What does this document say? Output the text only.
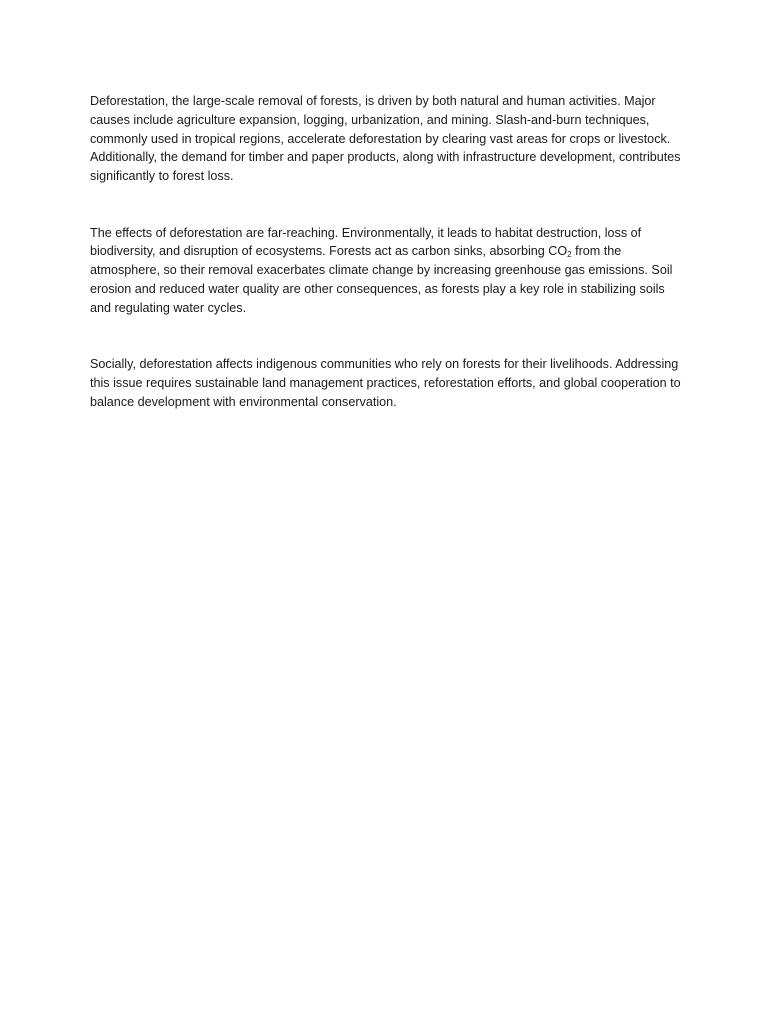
Deforestation, the large-scale removal of forests, is driven by both natural and human activities. Major causes include agriculture expansion, logging, urbanization, and mining. Slash-and-burn techniques, commonly used in tropical regions, accelerate deforestation by clearing vast areas for crops or livestock. Additionally, the demand for timber and paper products, along with infrastructure development, contributes significantly to forest loss.

The effects of deforestation are far-reaching. Environmentally, it leads to habitat destruction, loss of biodiversity, and disruption of ecosystems. Forests act as carbon sinks, absorbing $CO_2$ from the atmosphere, so their removal exacerbates climate change by increasing greenhouse gas emissions. Soil erosion and reduced water quality are other consequences, as forests play a key role in stabilizing soils and regulating water cycles.

Socially, deforestation affects indigenous communities who rely on forests for their livelihoods. Addressing this issue requires sustainable land management practices, reforestation efforts, and global cooperation to balance development with environmental conservation.
